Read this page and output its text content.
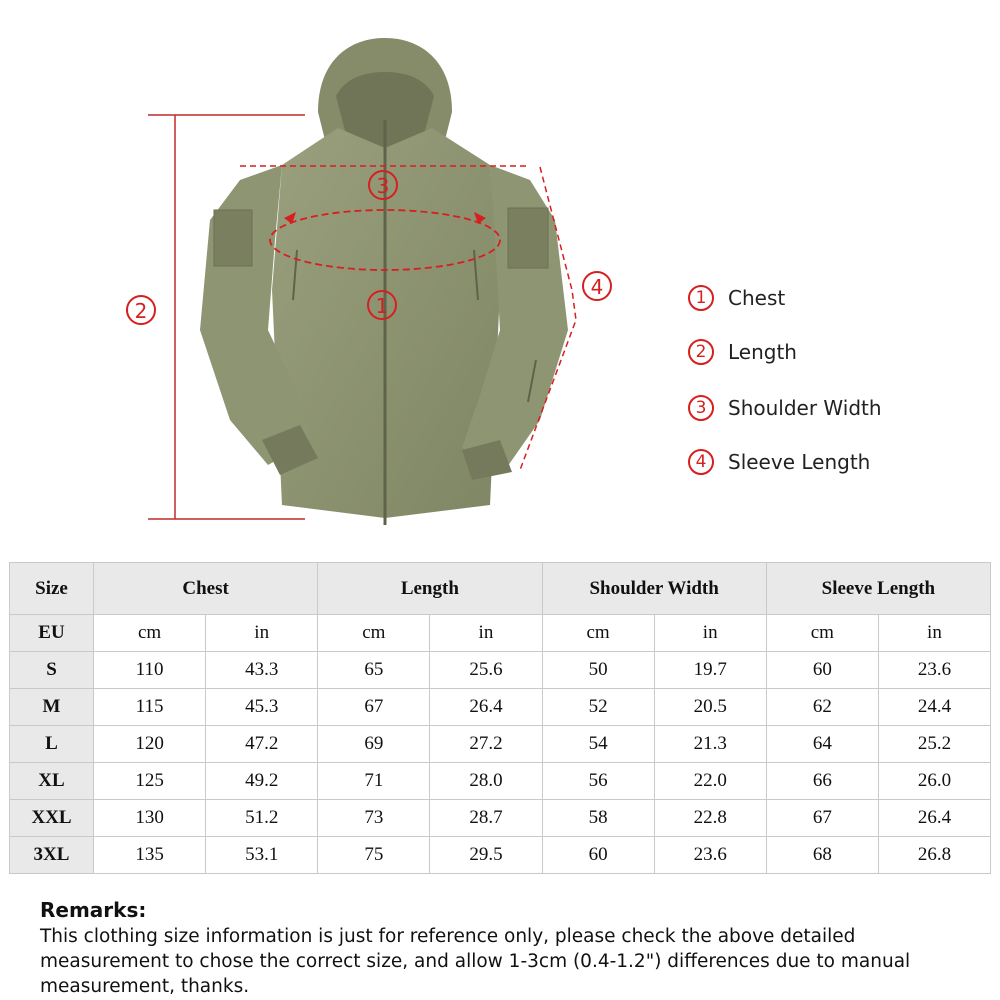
2
3
1
4	1	Chest
2	Length
3	Shoulder Width
4	Sleeve Length
Size	Chest		Length		Shoulder Width		Sleeve Length	
EU	cm	in	cm	in	cm	in	cm	in
S	110	43.3	65	25.6	50	19.7	60	23.6
M	115	45.3	67	26.4	52	20.5	62	24.4
L	120	47.2	69	27.2	54	21.3	64	25.2
XL	125	49.2	71	28.0	56	22.0	66	26.0
XXL	130	51.2	73	28.7	58	22.8	67	26.4
3XL	135	53.1	75	29.5	60	23.6	68	26.8

Remarks:

This clothing size information is just for reference only, please check the above detailed measurement to chose the correct size, and allow 1-3cm (0.4-1.2") differences due to manual measurement, thanks.
